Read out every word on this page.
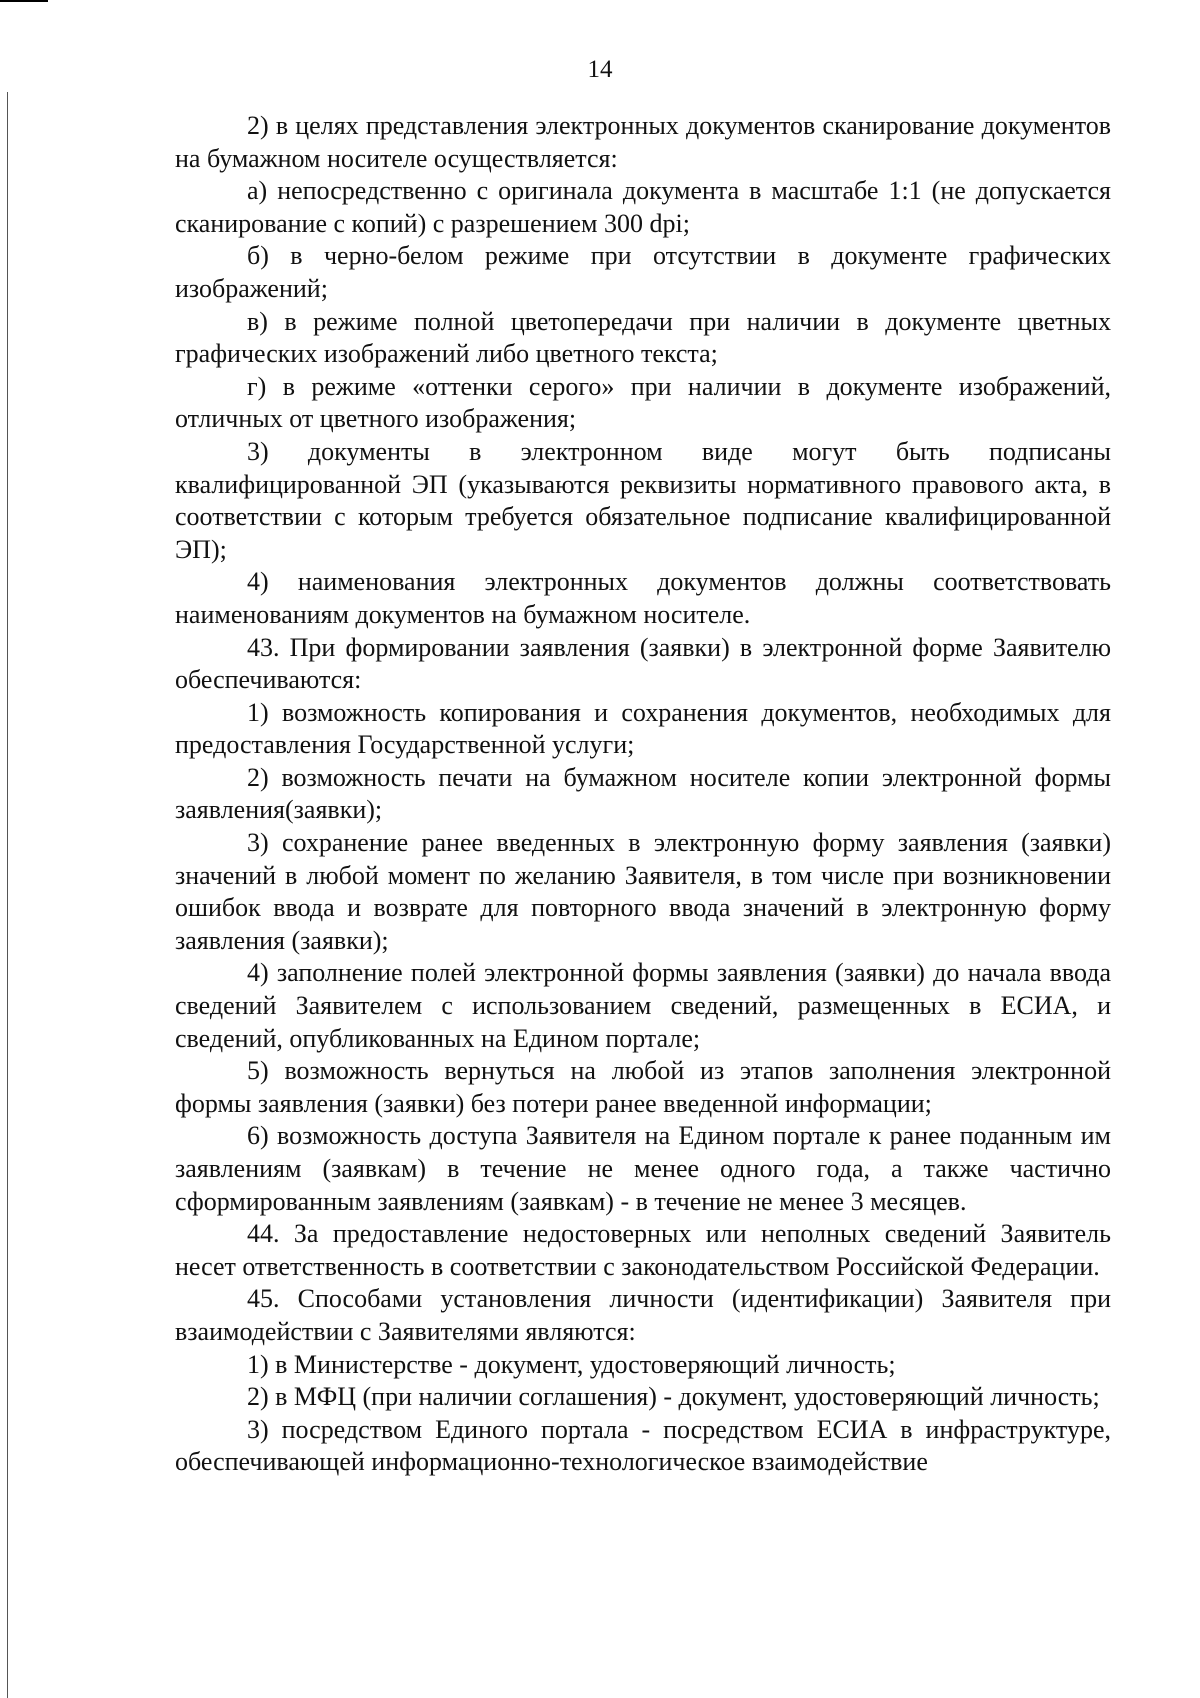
14

2) в целях представления электронных документов сканирование документов на бумажном носителе осуществляется:

а) непосредственно с оригинала документа в масштабе 1:1 (не допускается сканирование с копий) с разрешением 300 dpi;

б) в черно-белом режиме при отсутствии в документе графических изображений;

в) в режиме полной цветопередачи при наличии в документе цветных графических изображений либо цветного текста;

г) в режиме «оттенки серого» при наличии в документе изображений, отличных от цветного изображения;

3) документы в электронном виде могут быть подписаны квалифицированной ЭП (указываются реквизиты нормативного правового акта, в соответствии с которым требуется обязательное подписание квалифицированной ЭП);

4) наименования электронных документов должны соответствовать наименованиям документов на бумажном носителе.

43. При формировании заявления (заявки) в электронной форме Заявителю обеспечиваются:

1) возможность копирования и сохранения документов, необходимых для предоставления Государственной услуги;

2) возможность печати на бумажном носителе копии электронной формы заявления(заявки);

3) сохранение ранее введенных в электронную форму заявления (заявки) значений в любой момент по желанию Заявителя, в том числе при возникновении ошибок ввода и возврате для повторного ввода значений в электронную форму заявления (заявки);

4) заполнение полей электронной формы заявления (заявки) до начала ввода сведений Заявителем с использованием сведений, размещенных в ЕСИА, и сведений, опубликованных на Едином портале;

5) возможность вернуться на любой из этапов заполнения электронной формы заявления (заявки) без потери ранее введенной информации;

6) возможность доступа Заявителя на Едином портале к ранее поданным им заявлениям (заявкам) в течение не менее одного года, а также частично сформированным заявлениям (заявкам) - в течение не менее 3 месяцев.

44. За предоставление недостоверных или неполных сведений Заявитель несет ответственность в соответствии с законодательством Российской Федерации.

45. Способами установления личности (идентификации) Заявителя при взаимодействии с Заявителями являются:

1) в Министерстве - документ, удостоверяющий личность;

2) в МФЦ (при наличии соглашения) - документ, удостоверяющий личность;

3) посредством Единого портала - посредством ЕСИА в инфраструктуре, обеспечивающей информационно-технологическое взаимодействие
